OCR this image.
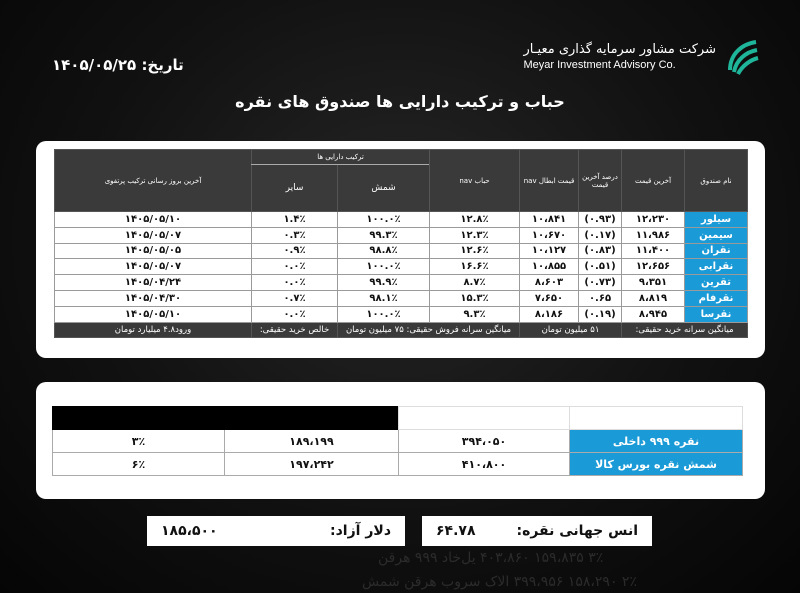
تاریخ: ۱۴۰۵/۰۵/۲۵
شرکت مشاور سرمایه گذاری معیـار
Meyar Investment Advisory Co.
حباب و ترکیب دارایی ها صندوق های نقره
نام صندوق	آخرین قیمت	درصد آخرین قیمت	قیمت ابطال nav	حباب nav	ترکیب دارایی ها		آخرین بروز رسانی ترکیب پرتفوی
					شمش	سایر	
سیلور	۱۲،۲۳۰	(۰.۹۳)	۱۰،۸۴۱	۱۲.۸٪	۱۰۰.۰٪	۱.۴٪	۱۴۰۵/۰۵/۱۰
سیمین	۱۱،۹۸۶	(۰.۱۷)	۱۰،۶۷۰	۱۲.۳٪	۹۹.۳٪	۰.۳٪	۱۴۰۵/۰۵/۰۷
نقران	۱۱،۴۰۰	(۰.۸۳)	۱۰،۱۲۷	۱۲.۶٪	۹۸.۸٪	۰.۹٪	۱۴۰۵/۰۵/۰۵
نقرابی	۱۲،۶۵۶	(۰.۵۱)	۱۰،۸۵۵	۱۶.۶٪	۱۰۰.۰٪	۰.۰٪	۱۴۰۵/۰۵/۰۷
تقرین	۹،۳۵۱	(۰.۷۳)	۸،۶۰۳	۸.۷٪	۹۹.۹٪	۰.۰٪	۱۴۰۵/۰۴/۲۴
نقرفام	۸،۸۱۹	۰.۶۵	۷،۶۵۰	۱۵.۳٪	۹۸.۱٪	۰.۷٪	۱۴۰۵/۰۴/۳۰
نقرسا	۸،۹۴۵	(۰.۱۹)	۸،۱۸۶	۹.۳٪	۱۰۰.۰٪	۰.۰٪	۱۴۰۵/۰۵/۱۰
میانگین سرانه خرید حقیقی:		۵۱ میلیون تومان		میانگین سرانه فروش حقیقی: ۷۵ میلیون تومان		خالص خرید حقیقی:	ورود۴.۸ میلیارد تومان

نقره ۹۹۹ داخلی	۳۹۴،۰۵۰	۱۸۹،۱۹۹	۳٪
شمش نقره بورس کالا	۴۱۰،۸۰۰	۱۹۷،۲۴۲	۶٪
انس جهانی نقره:
۶۴.۷۸
دلار آزاد:
۱۸۵،۵۰۰
۳٪ ۱۵۹،۸۳۵ ۴۰۳،۸۶۰ یل‌خاد ۹۹۹ هرقن
۲٪ ۱۵۸،۲۹۰ ۳۹۹،۹۵۶ الاک سروب هرقن شمش
